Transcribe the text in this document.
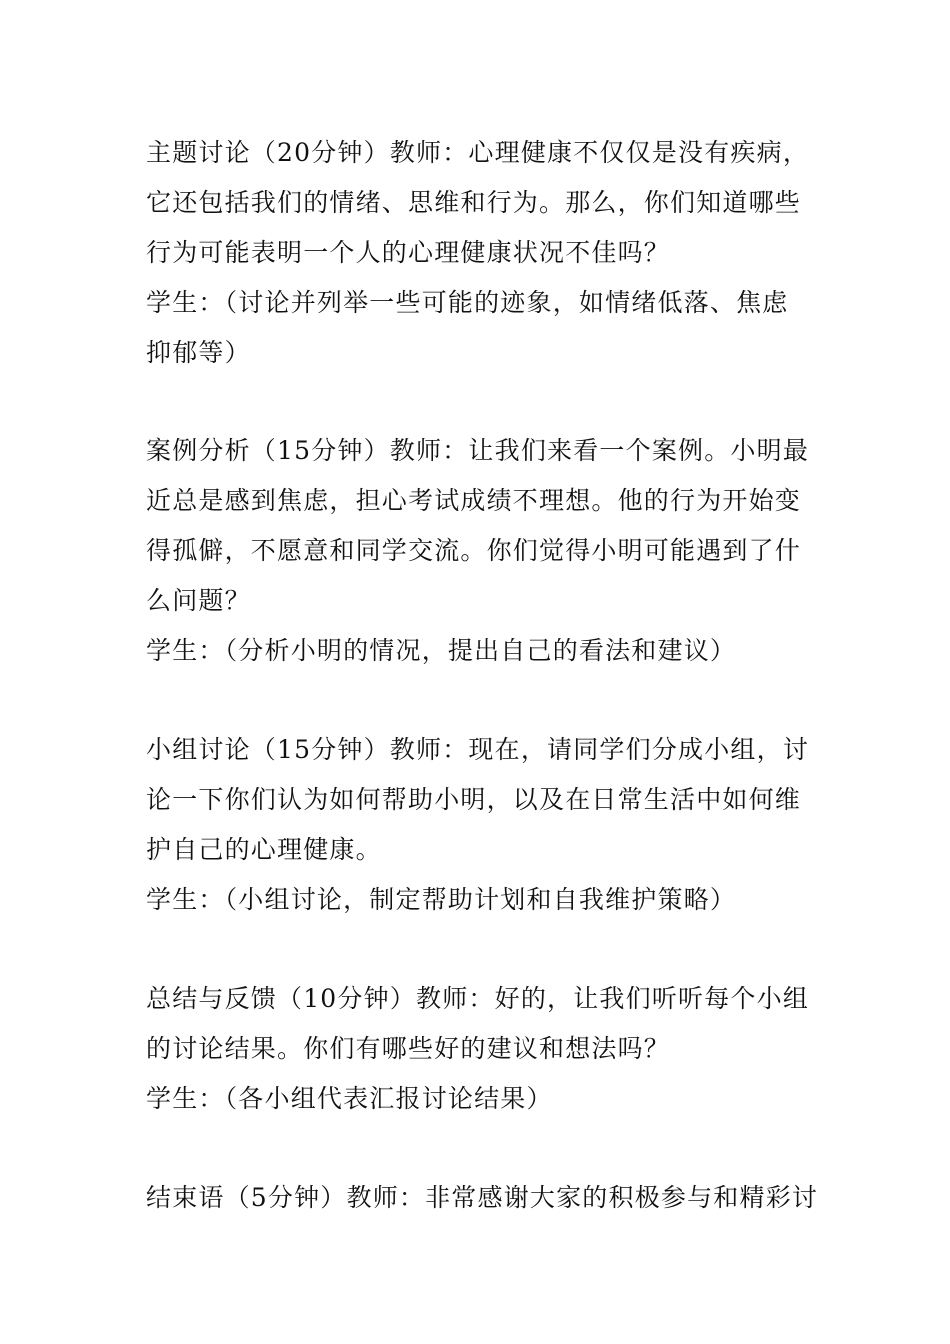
主题讨论（20分钟）教师：心理健康不仅仅是没有疾病，
它还包括我们的情绪、思维和行为。那么，你们知道哪些
行为可能表明一个人的心理健康状况不佳吗？
学生：（讨论并列举一些可能的迹象，如情绪低落、焦虑
抑郁等）
案例分析（15分钟）教师：让我们来看一个案例。小明最
近总是感到焦虑，担心考试成绩不理想。他的行为开始变
得孤僻，不愿意和同学交流。你们觉得小明可能遇到了什
么问题？
学生：（分析小明的情况，提出自己的看法和建议）
小组讨论（15分钟）教师：现在，请同学们分成小组，讨
论一下你们认为如何帮助小明，以及在日常生活中如何维
护自己的心理健康。
学生：（小组讨论，制定帮助计划和自我维护策略）
总结与反馈（10分钟）教师：好的，让我们听听每个小组
的讨论结果。你们有哪些好的建议和想法吗？
学生：（各小组代表汇报讨论结果）
结束语（5分钟）教师：非常感谢大家的积极参与和精彩讨
